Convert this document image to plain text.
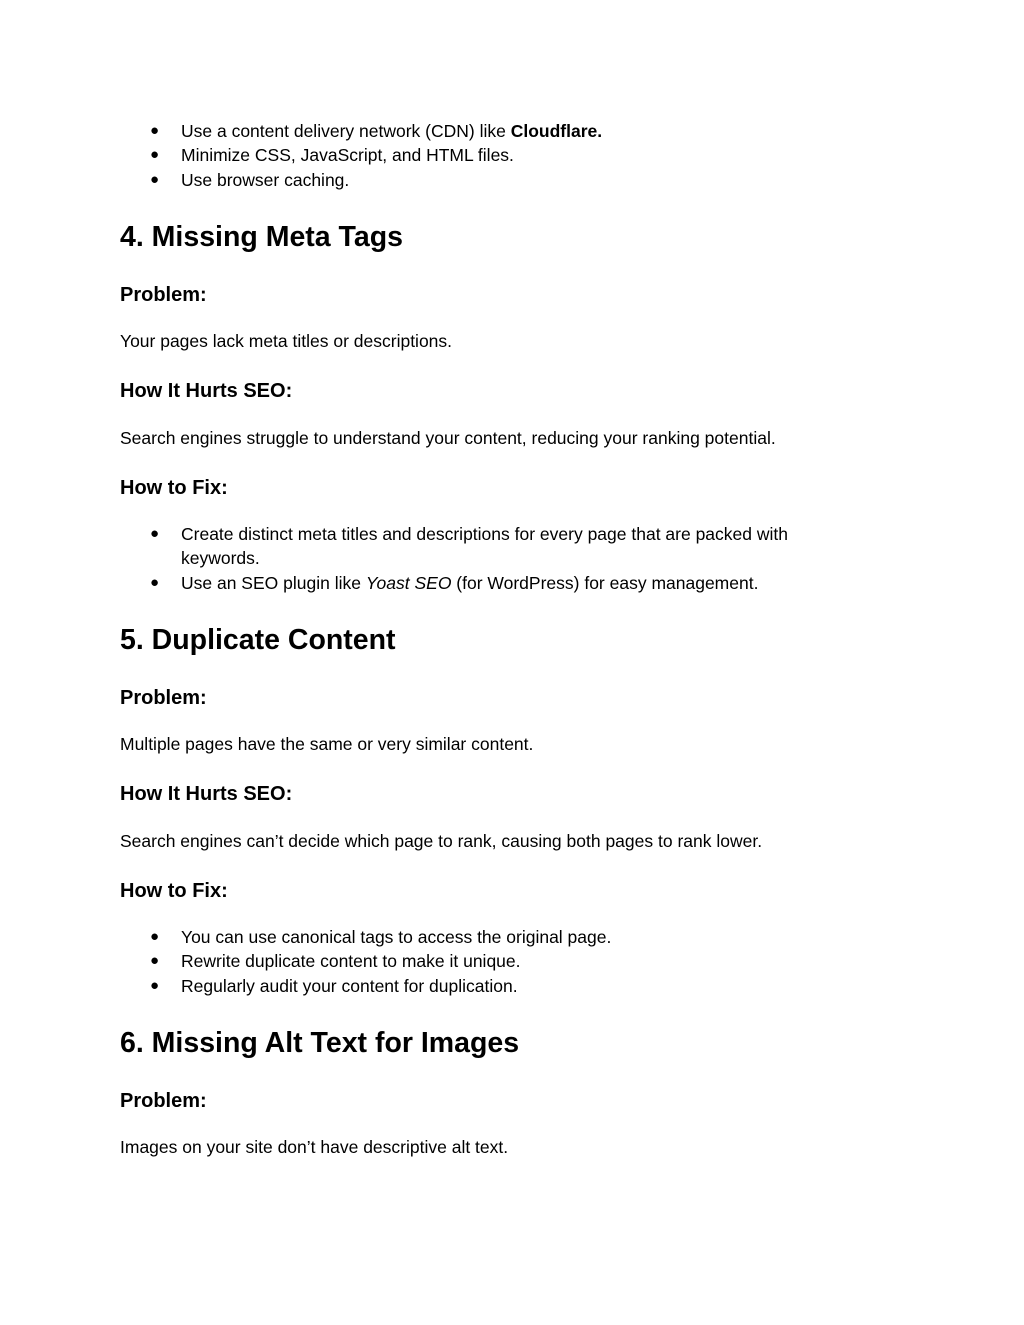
● Use a content delivery network (CDN) like Cloudflare.
● Minimize CSS, JavaScript, and HTML files.
● Use browser caching.
4. Missing Meta Tags
Problem:

Your pages lack meta titles or descriptions.

How It Hurts SEO:

Search engines struggle to understand your content, reducing your ranking potential.

How to Fix:
● Create distinct meta titles and descriptions for every page that are packed with
keywords.
● Use an SEO plugin like Yoast SEO (for WordPress) for easy management.
5. Duplicate Content
Problem:

Multiple pages have the same or very similar content.

How It Hurts SEO:

Search engines can’t decide which page to rank, causing both pages to rank lower.

How to Fix:
● You can use canonical tags to access the original page.
● Rewrite duplicate content to make it unique.
● Regularly audit your content for duplication.
6. Missing Alt Text for Images
Problem:

Images on your site don’t have descriptive alt text.
